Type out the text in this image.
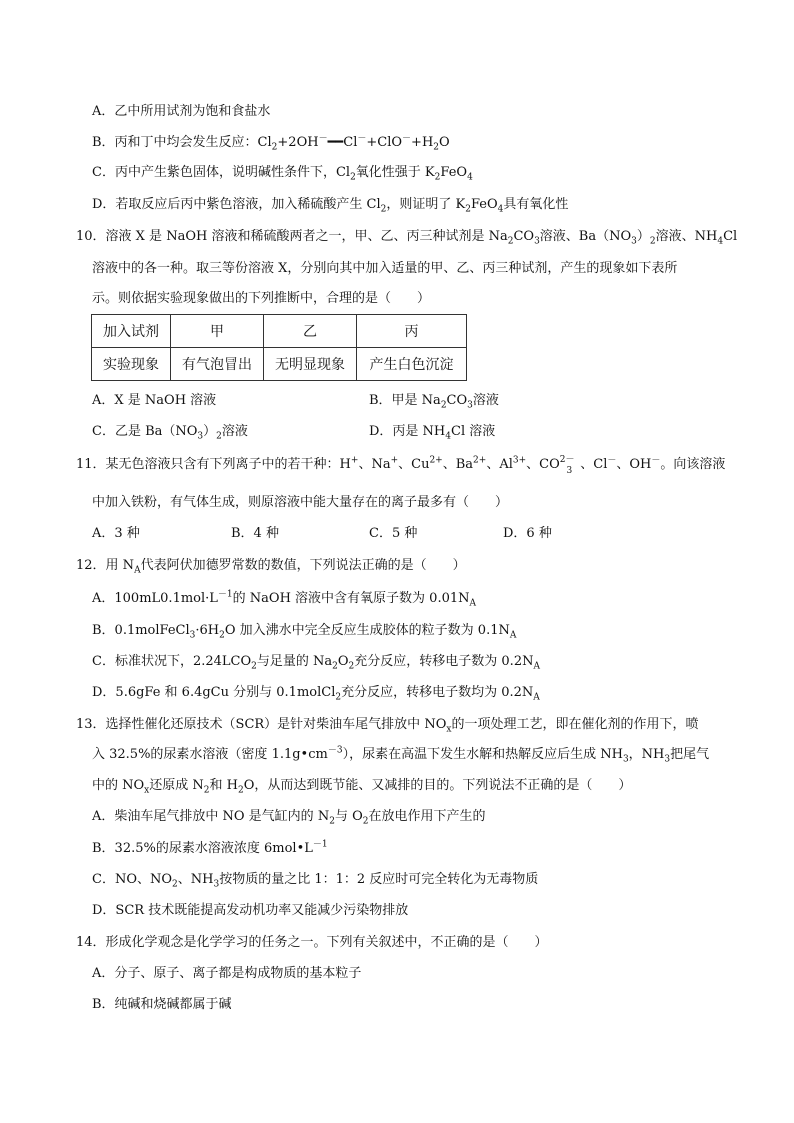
A．乙中所用试剂为饱和食盐水
B．丙和丁中均会发生反应：$Cl_2+2OH^-━━Cl^-+ClO^-+H_2O$
C．丙中产生紫色固体，说明碱性条件下，$Cl_2$氧化性强于 $K_2FeO_4$
D．若取反应后丙中紫色溶液，加入稀硫酸产生 $Cl_2$，则证明了 $K_2FeO_4$具有氧化性
10．溶液 X 是 NaOH 溶液和稀硫酸两者之一，甲、乙、丙三种试剂是 $Na_2CO_3$溶液、$Ba(NO_3)_2$溶液、$NH_4Cl$
溶液中的各一种。取三等份溶液 X，分别向其中加入适量的甲、乙、丙三种试剂，产生的现象如下表所
示。则依据实验现象做出的下列推断中，合理的是（　　）
加入试剂	甲	乙	丙
实验现象	有气泡冒出	无明显现象	产生白色沉淀
A．X 是 NaOH 溶液	B．甲是 $Na_2CO_3$溶液
C．乙是 $Ba(NO_3)_2$溶液	D．丙是 $NH_4Cl$ 溶液
11．某无色溶液只含有下列离子中的若干种：H+、Na+、$Cu^{2+}$、$Ba^{2+}$、$Al^{3+}$、$CO^{2-}_3$ 、Cl－、OH－。向该溶液
中加入铁粉，有气体生成，则原溶液中能大量存在的离子最多有（　　）
A．3 种	B．4 种	C．5 种	D．6 种
12．用 $N_A$代表阿伏加德罗常数的数值，下列说法正确的是（　　）
A．$100mL0.1mol\cdot L^{-1}$的 NaOH 溶液中含有氧原子数为 $0.01N_A$
B．$0.1molFeCl_3\cdot 6H_2O$ 加入沸水中完全反应生成胶体的粒子数为 $0.1N_A$
C．标准状况下，$2.24LCO_2$与足量的 $Na_2O_2$充分反应，转移电子数为 $0.2N_A$
D．5.6gFe 和 6.4gCu 分别与 0.1molCl$_2$充分反应，转移电子数均为 $0.2N_A$
13．选择性催化还原技术（SCR）是针对柴油车尾气排放中 $NO_x$的一项处理工艺，即在催化剂的作用下，喷
入 32.5%的尿素水溶液（密度 $1.1g•cm^{-3}$），尿素在高温下发生水解和热解反应后生成 $NH_3$，$NH_3$把尾气
中的 $NO_x$还原成 $N_2$和 $H_2O$，从而达到既节能、又减排的目的。下列说法不正确的是（　　）
A．柴油车尾气排放中 NO 是气缸内的 $N_2$与 $O_2$在放电作用下产生的
B．32.5%的尿素水溶液浓度 $6mol•L^{-1}$
C．NO、$NO_2$、$NH_3$按物质的量之比 1：1：2 反应时可完全转化为无毒物质
D．SCR 技术既能提高发动机功率又能减少污染物排放
14．形成化学观念是化学学习的任务之一。下列有关叙述中，不正确的是（　　）
A．分子、原子、离子都是构成物质的基本粒子
B．纯碱和烧碱都属于碱
